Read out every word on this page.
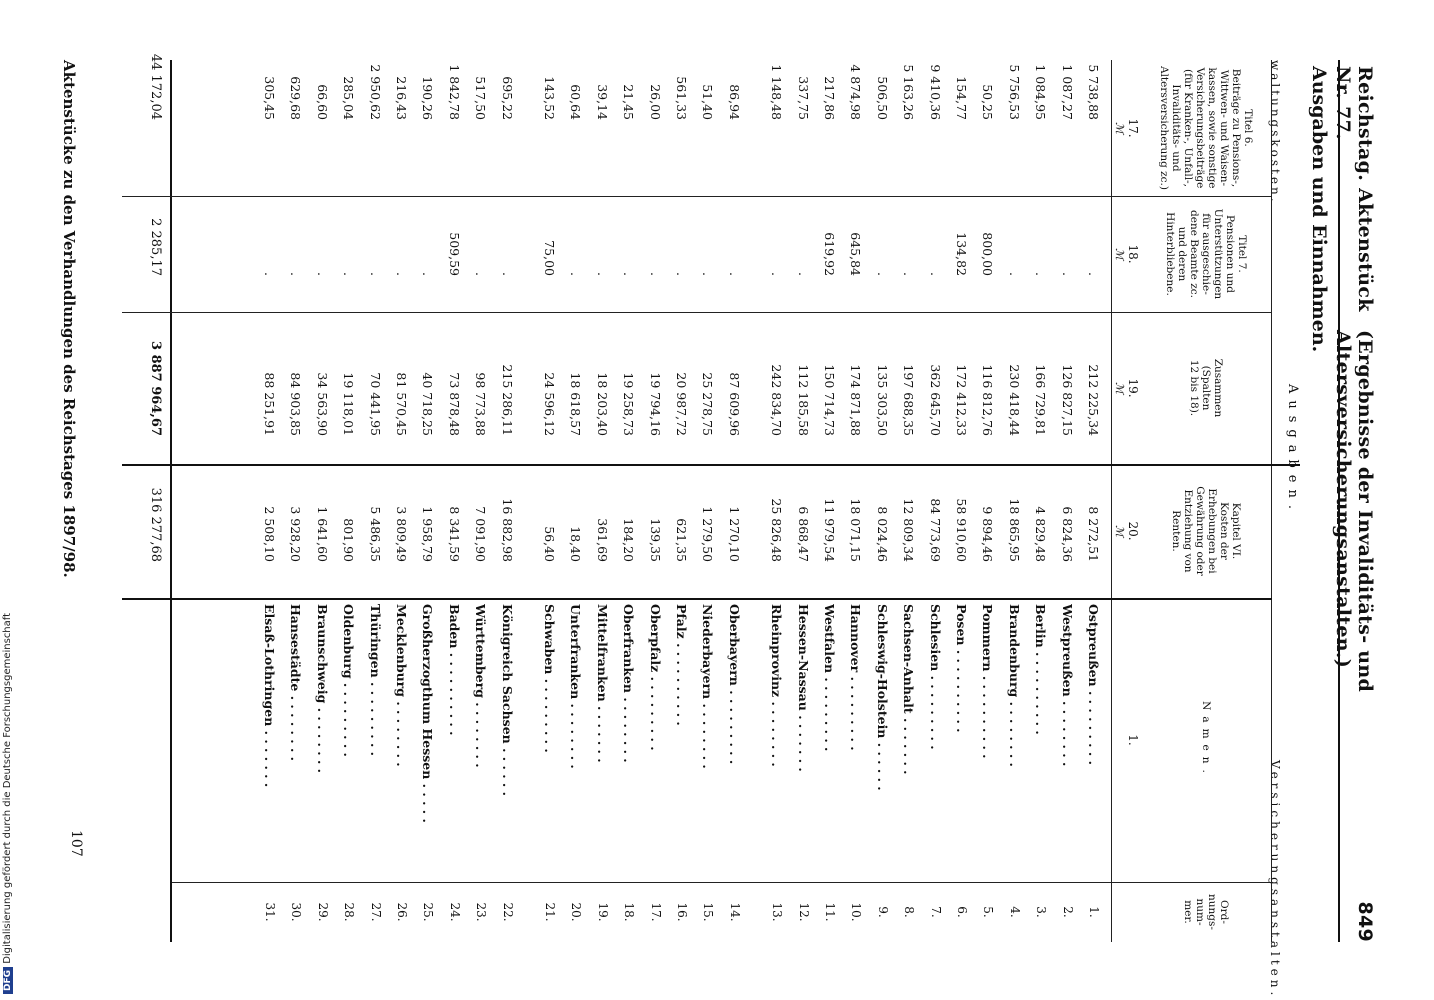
Reichstag. Aktenstück Nr. 77.
(Ergebnisse der Invaliditäts- und Altersversicherungsanstalten.)
849
Ausgaben und Einnahmen.
Ausgaben.
waltungskosten.
Versicherungsanstalten.
Titel 6.
Beiträge zu Pensions-,
Wittwen- und Waisen-
kassen, sowie sonstige
Versicherungsbeiträge
(für Kranken-, Unfall-,
Invaliditäts- und
Altersversicherung zc.)
Titel 7.
Pensionen und
Unterstützungen
für ausgeschie-
dene Beamte zc.
und deren
Hinterbliebene.
Zusammen
(Spalten
12 bis 18).
Kapitel VI.
Kosten der
Erhebungen bei
Gewährung oder
Entziehung von
Renten.
Namen.
Ord-
nungs-
num-
mer.
17.
18.
19.
20.
1.
ℳ
ℳ
ℳ
ℳ
5 738,88
.
212 225,34
8 272,51
Ostpreußen . . . . . . . . .
1.
1 087,27
.
126 827,15
6 824,36
Westpreußen . . . . . . . .
2.
1 084,95
.
166 729,81
4 829,48
Berlin . . . . . . . . . .
3.
5 756,53
.
230 418,44
18 865,95
Brandenburg . . . . . . . .
4.
50,25
800,00
116 812,76
9 894,46
Pommern . . . . . . . . . .
5.
154,77
134,82
172 412,33
58 910,60
Posen . . . . . . . . . .
6.
9 410,36
.
362 645,70
84 773,69
Schlesien . . . . . . . . .
7.
5 163,26
.
197 688,35
12 809,34
Sachsen-Anhalt . . . . . . .
8.
506,50
.
135 303,50
8 024,46
Schleswig-Holstein . . . . . .
9.
4 874,98
645,84
174 871,88
18 071,15
Hannover . . . . . . . . .
10.
217,86
619,92
150 714,73
11 979,54
Westfalen . . . . . . . . .
11.
337,75
.
112 185,58
6 868,47
Hessen-Nassau . . . . . . .
12.
1 148,48
.
242 834,70
25 826,48
Rheinprovinz . . . . . . . .
13.
86,94
.
87 609,96
1 270,10
Oberbayern . . . . . . . . .
14.
51,40
.
25 278,75
1 279,50
Niederbayern . . . . . . . .
15.
561,33
.
20 987,72
621,35
Pfalz . . . . . . . . . .
16.
26,00
.
19 794,16
139,35
Oberpfalz . . . . . . . . .
17.
21,45
.
19 258,73
184,20
Oberfranken . . . . . . . .
18.
39,14
.
18 203,40
361,69
Mittelfranken . . . . . . .
19.
60,64
.
18 618,57
18,40
Unterfranken . . . . . . . .
20.
143,52
75,00
24 596,12
56,40
Schwaben . . . . . . . . .
21.
695,22
.
215 286,11
16 882,98
Königreich Sachsen . . . . . .
22.
517,50
.
98 773,88
7 091,90
Württemberg . . . . . . . .
23.
1 842,78
509,59
73 878,48
8 341,59
Baden . . . . . . . . . .
24.
190,26
.
40 718,25
1 958,79
Großherzogthum Hessen . . . . .
25.
216,43
.
81 570,45
3 809,49
Mecklenburg . . . . . . . .
26.
2 950,62
.
70 441,95
5 486,35
Thüringen . . . . . . . . .
27.
285,04
.
19 118,01
801,90
Oldenburg . . . . . . . . .
28.
66,60
.
34 563,90
1 641,60
Braunschweig . . . . . . . .
29.
629,68
.
84 903,85
3 928,20
Hansestädte . . . . . . . .
30.
305,45
.
88 251,91
2 508,10
Elsaß-Lothringen . . . . . . .
31.
44 172,04
2 285,17
3 887 964,67
316 277,68
Aktenstücke zu den Verhandlungen des Reichstages 1897/98.
107
DFG Digitalisierung gefördert durch die Deutsche Forschungsgemeinschaft
